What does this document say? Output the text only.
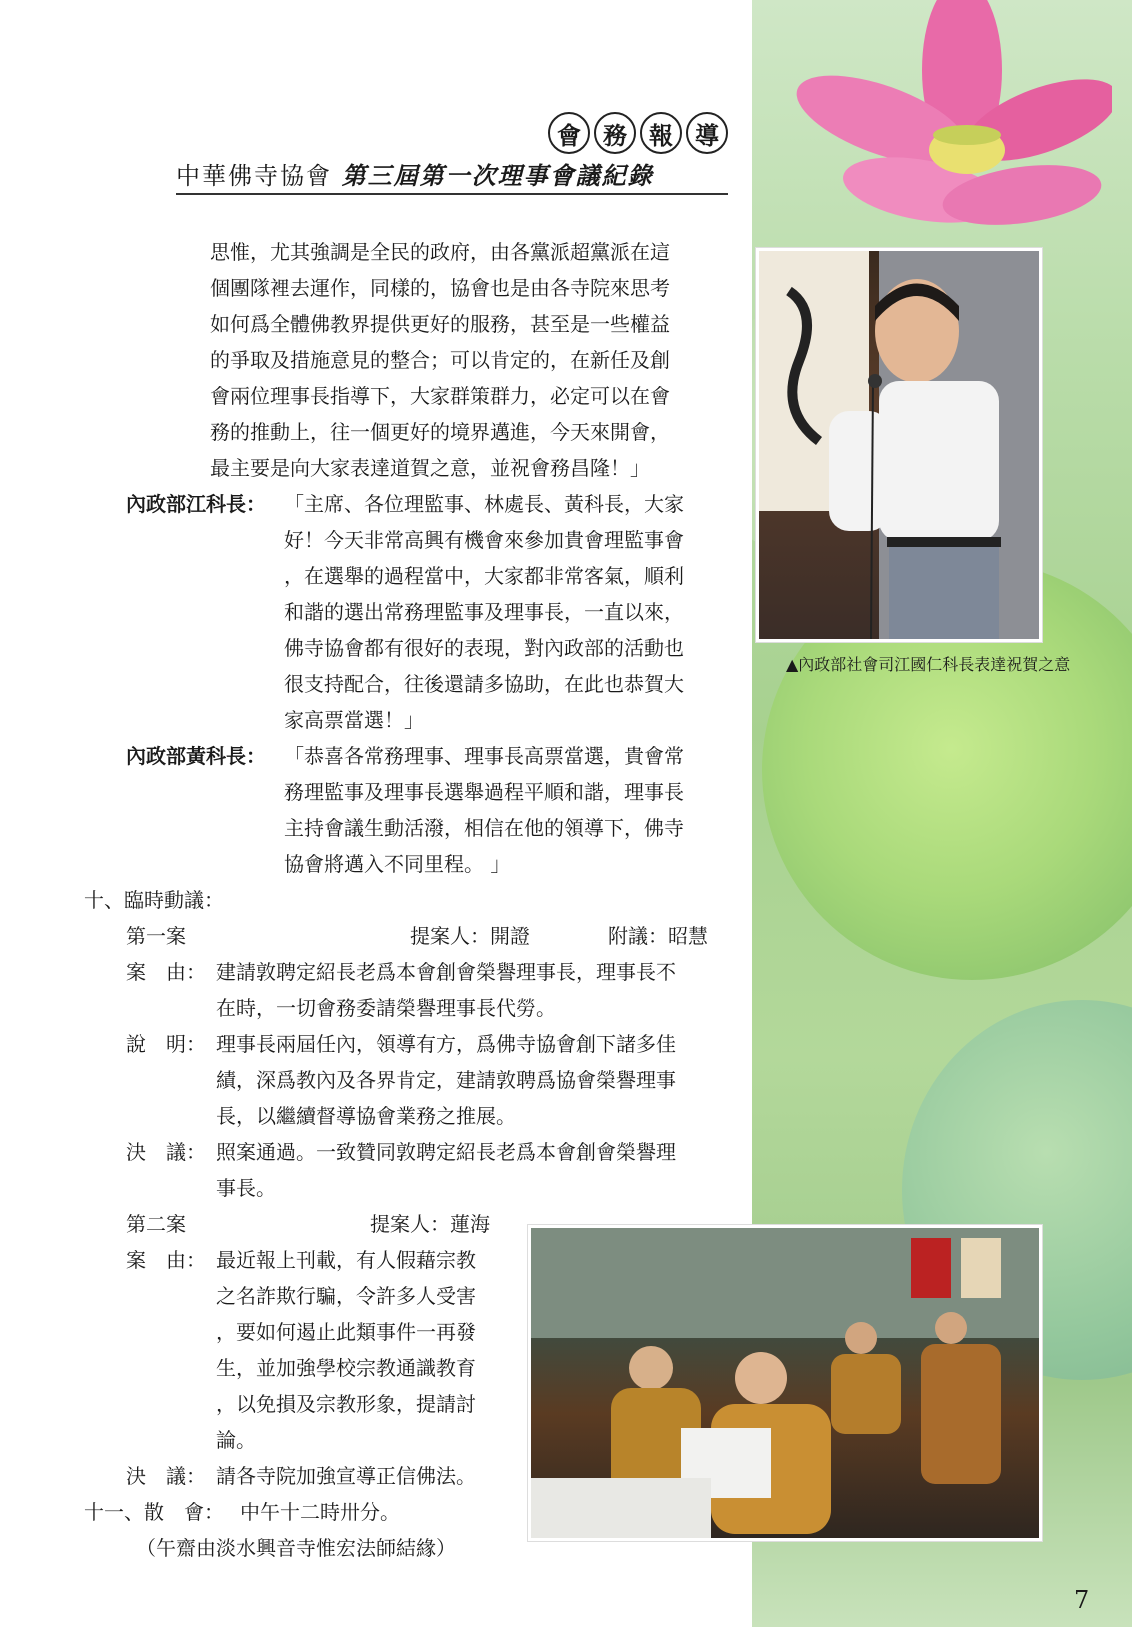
會 務 報 導
中華佛寺協會 第三屆第一次理事會議紀錄
思惟，尤其強調是全民的政府，由各黨派超黨派在這
個團隊裡去運作，同樣的，協會也是由各寺院來思考
如何爲全體佛教界提供更好的服務，甚至是一些權益
的爭取及措施意見的整合；可以肯定的，在新任及創
會兩位理事長指導下，大家群策群力，必定可以在會
務的推動上，往一個更好的境界邁進，今天來開會，
最主要是向大家表達道賀之意，並祝會務昌隆！」
內政部江科長： 「主席、各位理監事、林處長、黃科長，大家
好！今天非常高興有機會來參加貴會理監事會
，在選舉的過程當中，大家都非常客氣，順利
和諧的選出常務理監事及理事長，一直以來，
佛寺協會都有很好的表現，對內政部的活動也
很支持配合，往後還請多協助，在此也恭賀大
家高票當選！」
內政部黃科長： 「恭喜各常務理事、理事長高票當選，貴會常
務理監事及理事長選舉過程平順和諧，理事長
主持會議生動活潑，相信在他的領導下，佛寺
協會將邁入不同里程。 」
十、臨時動議：
第一案	提案人：開證	附議：昭慧
案　由： 建請敦聘定紹長老爲本會創會榮譽理事長，理事長不
在時，一切會務委請榮譽理事長代勞。
說　明： 理事長兩屆任內，領導有方，爲佛寺協會創下諸多佳
績，深爲教內及各界肯定，建請敦聘爲協會榮譽理事
長，以繼續督導協會業務之推展。
決　議： 照案通過。一致贊同敦聘定紹長老爲本會創會榮譽理
事長。
第二案	提案人：蓮海
案　由： 最近報上刊載，有人假藉宗教
之名詐欺行騙，令許多人受害
，要如何遏止此類事件一再發
生，並加強學校宗教通識教育
，以免損及宗教形象，提請討
論。
決　議： 請各寺院加強宣導正信佛法。
十一、散　會： 中午十二時卅分。
（午齋由淡水興音寺惟宏法師結緣）
▲內政部社會司江國仁科長表達祝賀之意
7
